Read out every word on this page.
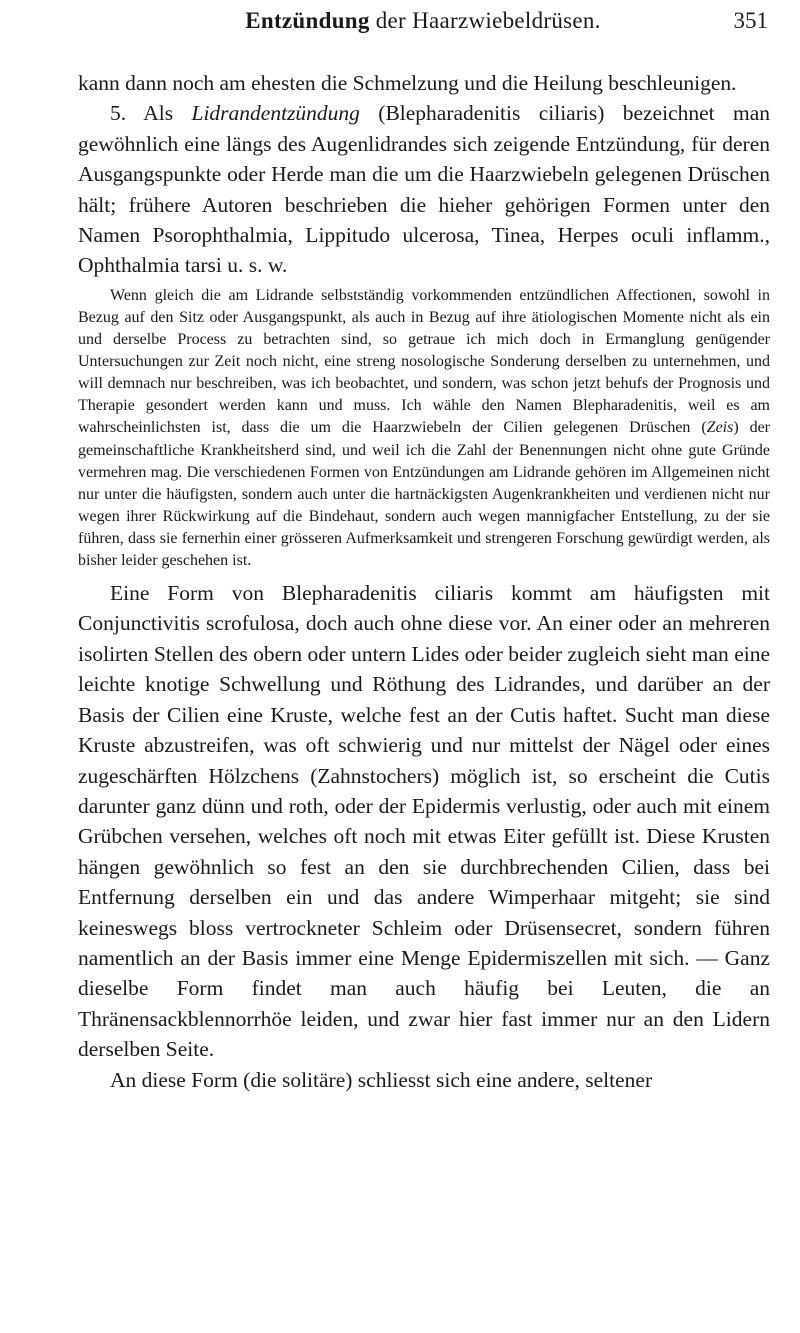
Entzündung der Haarzwiebeldrüsen.	351

kann dann noch am ehesten die Schmelzung und die Heilung beschleunigen.

5. Als Lidrandentzündung (Blepharadenitis ciliaris) bezeichnet man gewöhnlich eine längs des Augenlidrandes sich zeigende Entzündung, für deren Ausgangspunkte oder Herde man die um die Haarzwiebeln gelegenen Drüschen hält; frühere Autoren beschrieben die hieher gehörigen Formen unter den Namen Psorophthalmia, Lippitudo ulcerosa, Tinea, Herpes oculi inflamm., Ophthalmia tarsi u. s. w.

Wenn gleich die am Lidrande selbstständig vorkommenden entzündlichen Affectionen, sowohl in Bezug auf den Sitz oder Ausgangspunkt, als auch in Bezug auf ihre ätiologischen Momente nicht als ein und derselbe Process zu betrachten sind, so getraue ich mich doch in Ermanglung genügender Untersuchungen zur Zeit noch nicht, eine streng nosologische Sonderung derselben zu unternehmen, und will demnach nur beschreiben, was ich beobachtet, und sondern, was schon jetzt behufs der Prognosis und Therapie gesondert werden kann und muss. Ich wähle den Namen Blepharadenitis, weil es am wahrscheinlichsten ist, dass die um die Haarzwiebeln der Cilien gelegenen Drüschen (Zeis) der gemeinschaftliche Krankheitsherd sind, und weil ich die Zahl der Benennungen nicht ohne gute Gründe vermehren mag. Die verschiedenen Formen von Entzündungen am Lidrande gehören im Allgemeinen nicht nur unter die häufigsten, sondern auch unter die hartnäckigsten Augenkrankheiten und verdienen nicht nur wegen ihrer Rückwirkung auf die Bindehaut, sondern auch wegen mannigfacher Entstellung, zu der sie führen, dass sie fernerhin einer grösseren Aufmerksamkeit und strengeren Forschung gewürdigt werden, als bisher leider geschehen ist.

Eine Form von Blepharadenitis ciliaris kommt am häufigsten mit Conjunctivitis scrofulosa, doch auch ohne diese vor. An einer oder an mehreren isolirten Stellen des obern oder untern Lides oder beider zugleich sieht man eine leichte knotige Schwellung und Röthung des Lidrandes, und darüber an der Basis der Cilien eine Kruste, welche fest an der Cutis haftet. Sucht man diese Kruste abzustreifen, was oft schwierig und nur mittelst der Nägel oder eines zugeschärften Hölzchens (Zahnstochers) möglich ist, so erscheint die Cutis darunter ganz dünn und roth, oder der Epidermis verlustig, oder auch mit einem Grübchen versehen, welches oft noch mit etwas Eiter gefüllt ist. Diese Krusten hängen gewöhnlich so fest an den sie durchbrechenden Cilien, dass bei Entfernung derselben ein und das andere Wimperhaar mitgeht; sie sind keineswegs bloss vertrockneter Schleim oder Drüsensecret, sondern führen namentlich an der Basis immer eine Menge Epidermiszellen mit sich. — Ganz dieselbe Form findet man auch häufig bei Leuten, die an Thränensackblennorrhöe leiden, und zwar hier fast immer nur an den Lidern derselben Seite.

An diese Form (die solitäre) schliesst sich eine andere, seltener
